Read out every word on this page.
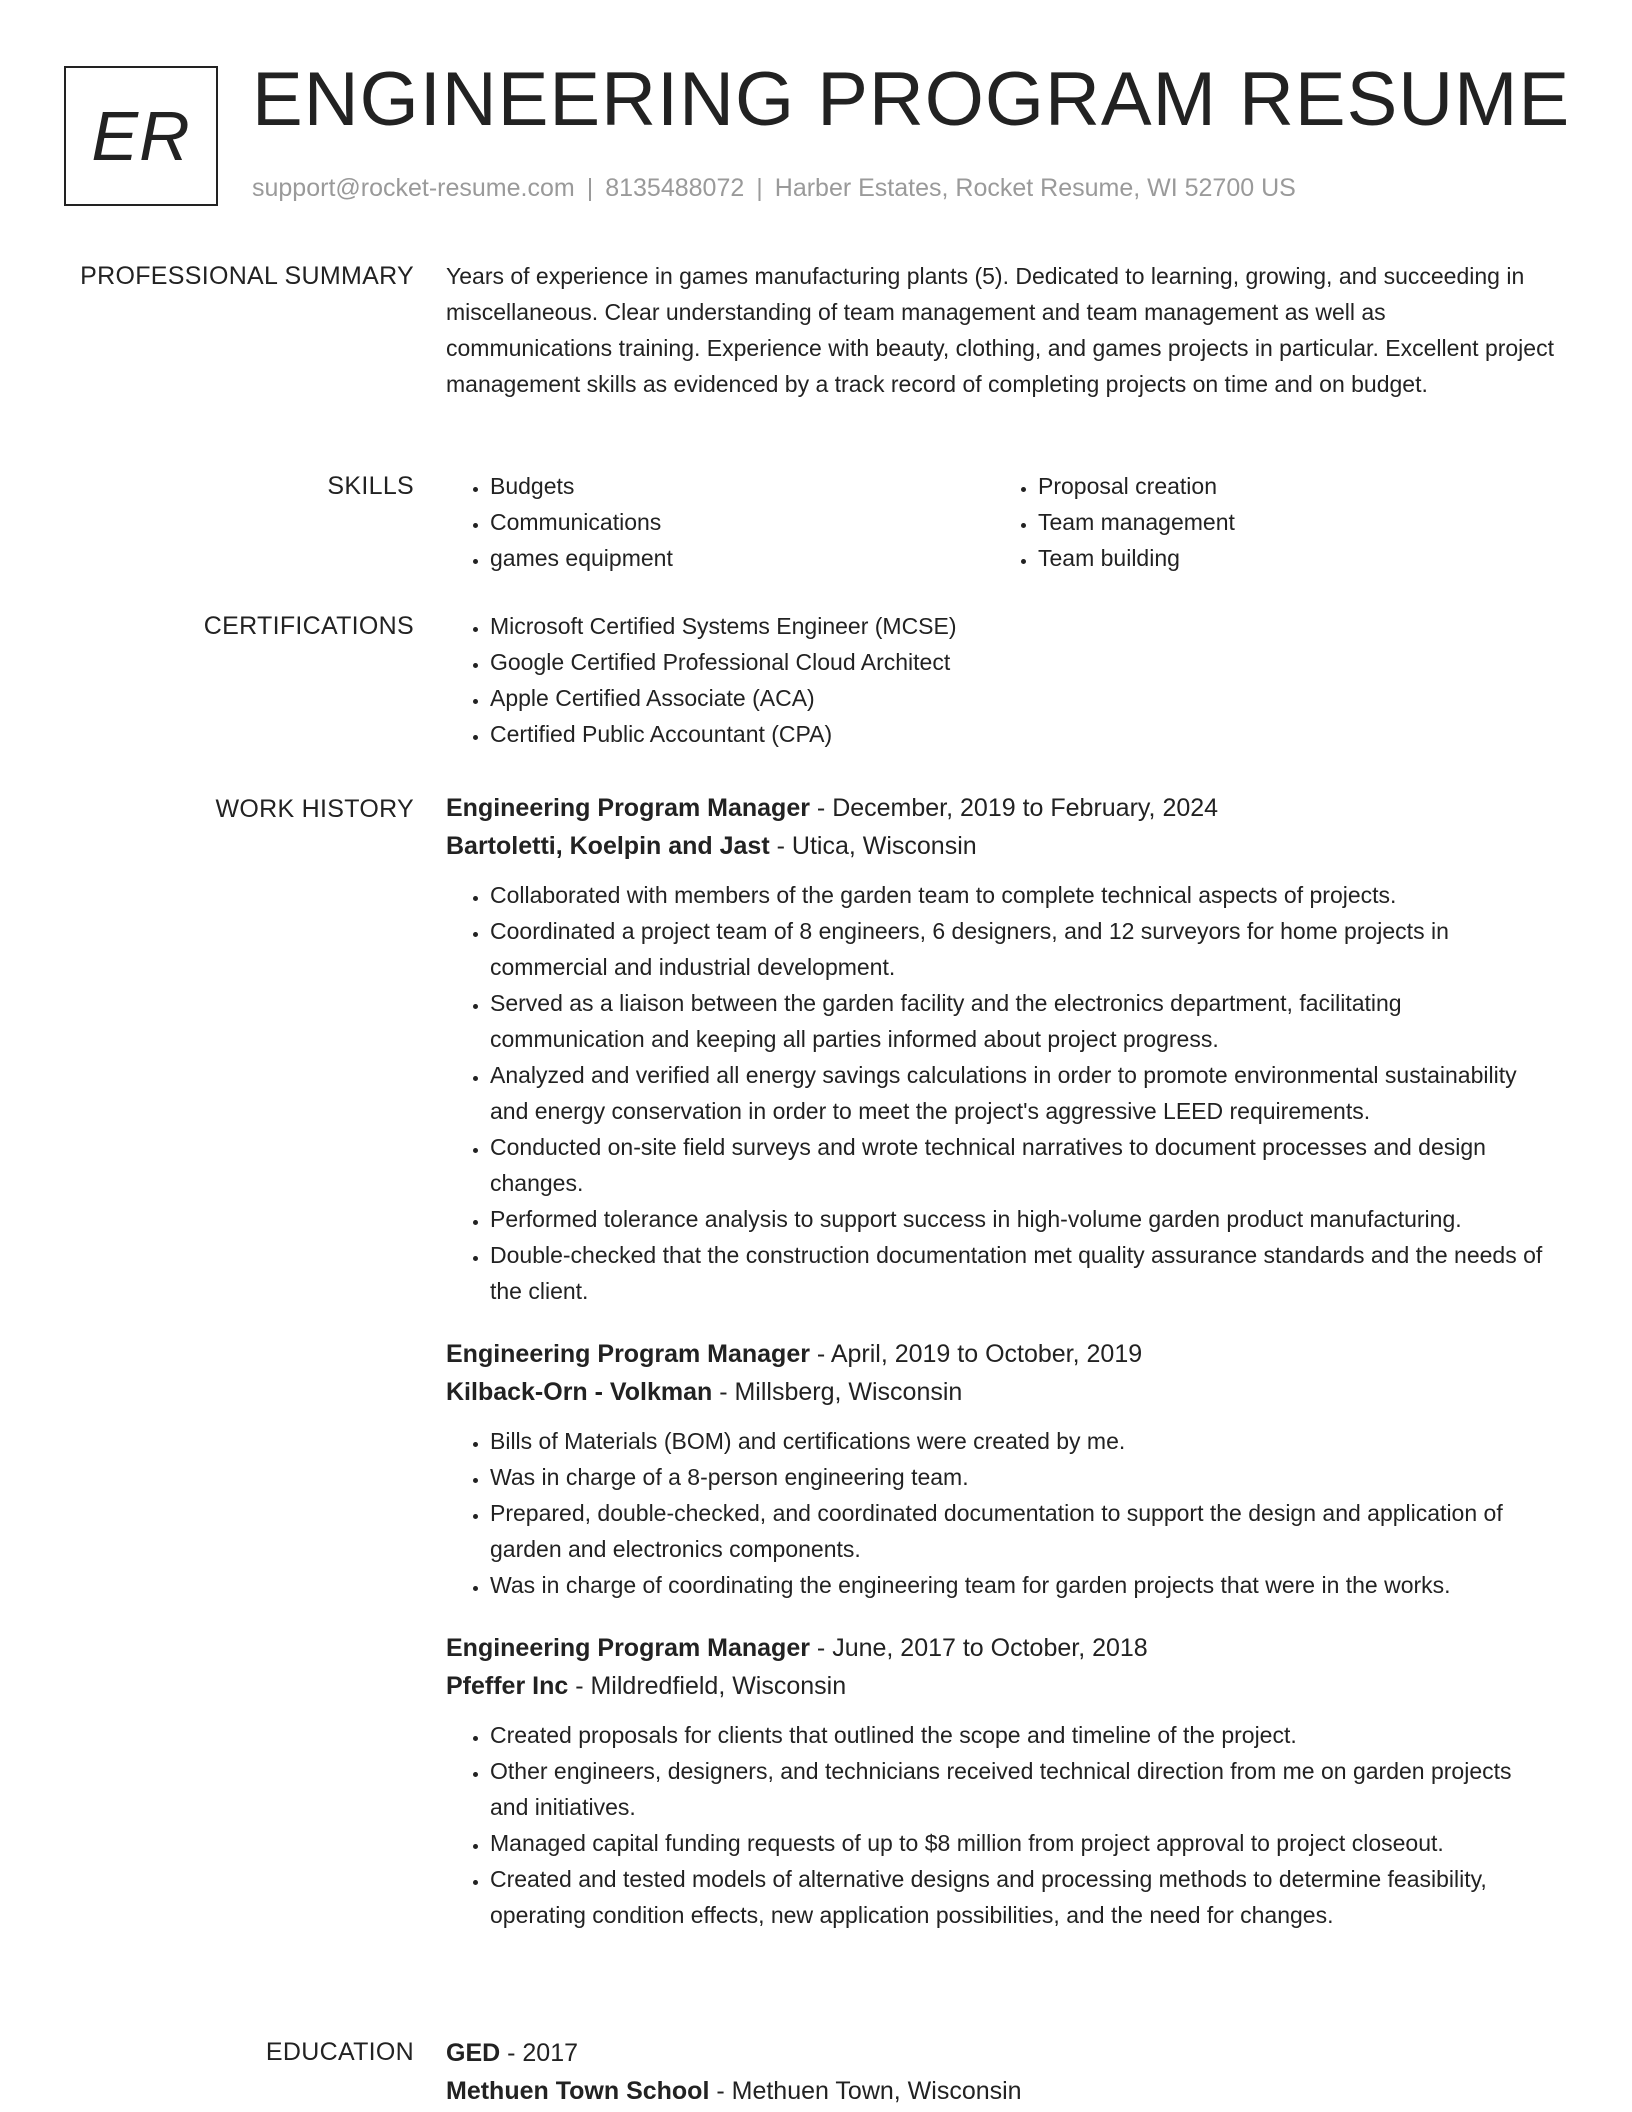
ER ENGINEERING PROGRAM RESUME
support@rocket-resume.com | 8135488072 | Harber Estates, Rocket Resume, WI 52700 US
PROFESSIONAL SUMMARY Years of experience in games manufacturing plants (5). Dedicated to learning, growing, and succeeding in miscellaneous. Clear understanding of team management and team management as well as communications training. Experience with beauty, clothing, and games projects in particular. Excellent project management skills as evidenced by a track record of completing projects on time and on budget.
SKILLS	• Budgets
• Communications
• games equipment
• Proposal creation
• Team management
• Team building
CERTIFICATIONS	• Microsoft Certified Systems Engineer (MCSE)
• Google Certified Professional Cloud Architect
• Apple Certified Associate (ACA)
• Certified Public Accountant (CPA)
WORK HISTORY Engineering Program Manager - December, 2019 to February, 2024
Bartoletti, Koelpin and Jast - Utica, Wisconsin
• Collaborated with members of the garden team to complete technical aspects of projects.
• Coordinated a project team of 8 engineers, 6 designers, and 12 surveyors for home projects in commercial and industrial development.
• Served as a liaison between the garden facility and the electronics department, facilitating communication and keeping all parties informed about project progress.
• Analyzed and verified all energy savings calculations in order to promote environmental sustainability and energy conservation in order to meet the project's aggressive LEED requirements.
• Conducted on-site field surveys and wrote technical narratives to document processes and design changes.
• Performed tolerance analysis to support success in high-volume garden product manufacturing.
• Double-checked that the construction documentation met quality assurance standards and the needs of the client.
Engineering Program Manager - April, 2019 to October, 2019
Kilback-Orn - Volkman - Millsberg, Wisconsin
• Bills of Materials (BOM) and certifications were created by me.
• Was in charge of a 8-person engineering team.
• Prepared, double-checked, and coordinated documentation to support the design and application of garden and electronics components.
• Was in charge of coordinating the engineering team for garden projects that were in the works.
Engineering Program Manager - June, 2017 to October, 2018
Pfeffer Inc - Mildredfield, Wisconsin
• Created proposals for clients that outlined the scope and timeline of the project.
• Other engineers, designers, and technicians received technical direction from me on garden projects and initiatives.
• Managed capital funding requests of up to $8 million from project approval to project closeout.
• Created and tested models of alternative designs and processing methods to determine feasibility, operating condition effects, new application possibilities, and the need for changes.
EDUCATION GED - 2017
Methuen Town School - Methuen Town, Wisconsin
